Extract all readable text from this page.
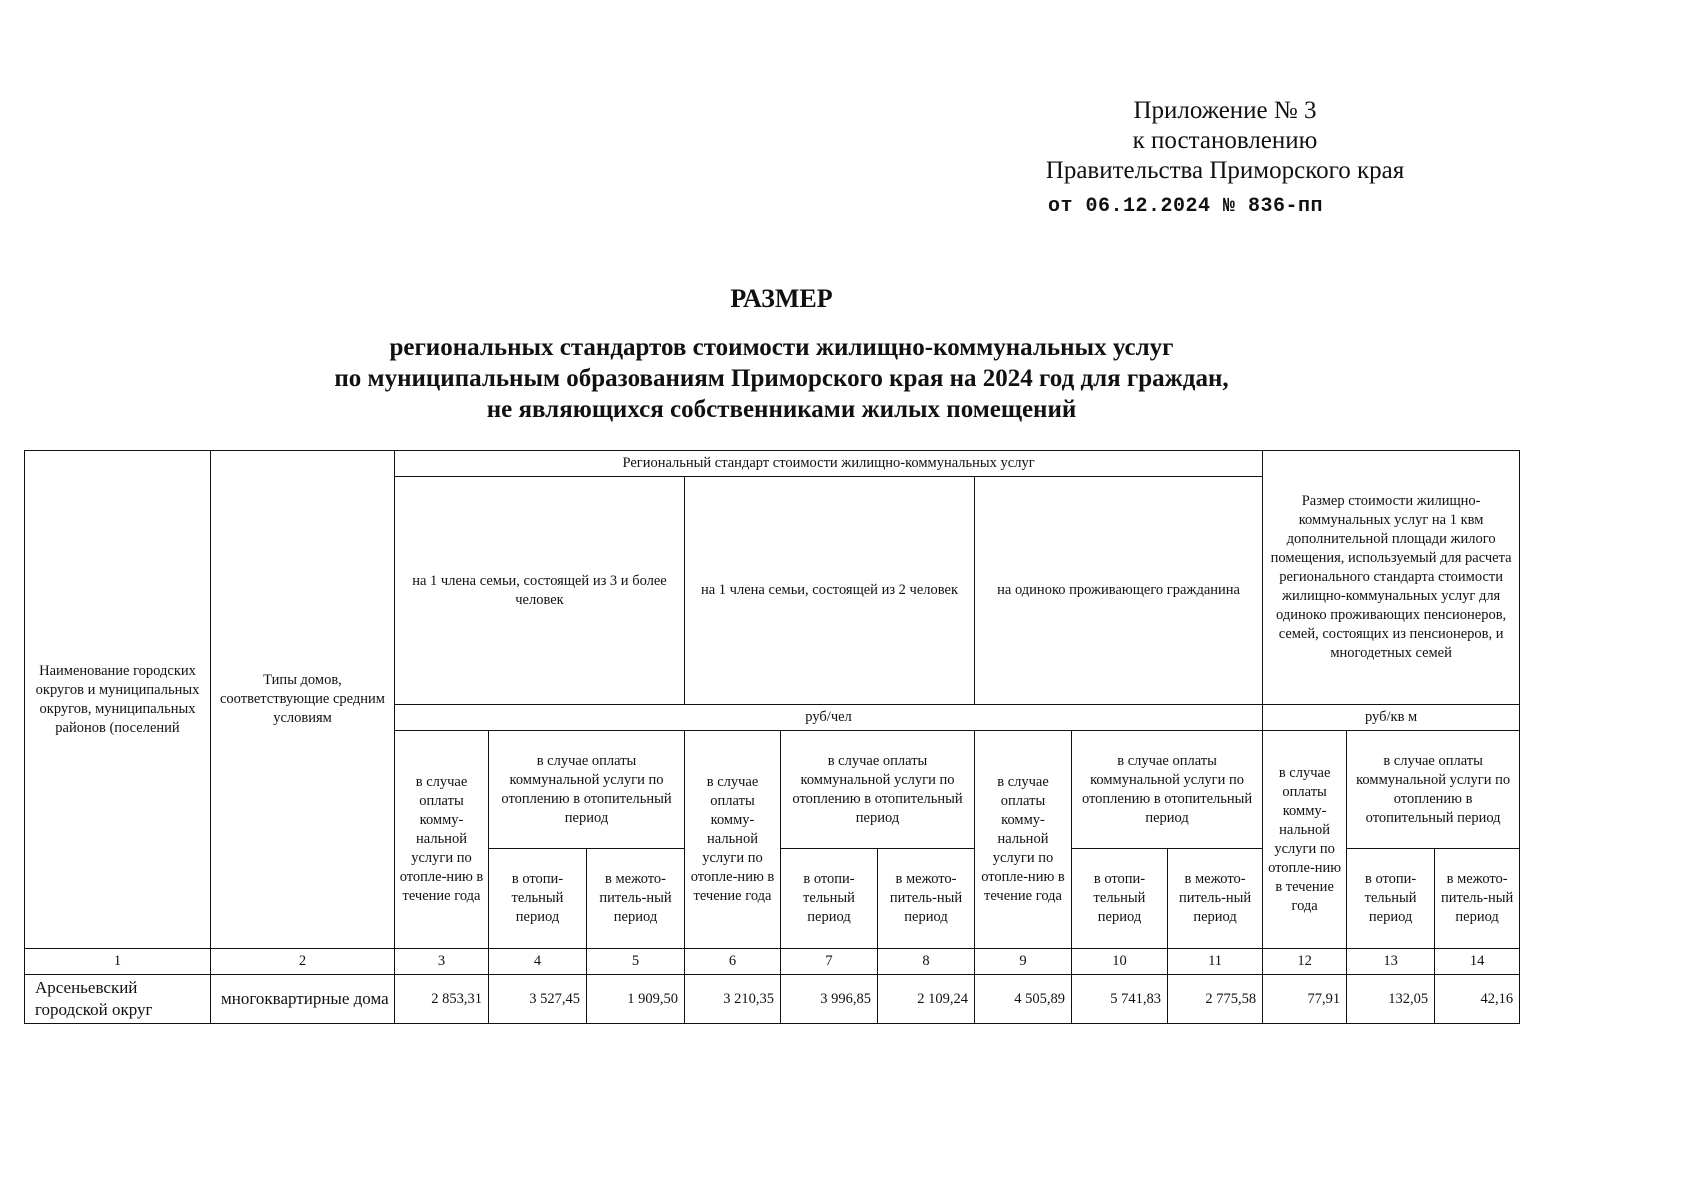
Приложение № 3
к постановлению
Правительства Приморского края
от 06.12.2024 № 836-пп
РАЗМЕР
региональных стандартов стоимости жилищно-коммунальных услуг
по муниципальным образованиям Приморского края на 2024 год для граждан,
не являющихся собственниками жилых помещений
Наименование городских округов и муниципальных округов, муниципальных районов (поселений	Типы домов, соответствующие средним условиям	Региональный стандарт стоимости жилищно-коммунальных услуг									Размер стоимости жилищно-коммунальных услуг на 1 квм дополнительной площади жилого помещения, используемый для расчета регионального стандарта стоимости жилищно-коммунальных услуг для одиноко проживающих пенсионеров, семей, состоящих из пенсионеров, и многодетных семей		
		на 1 члена семьи, состоящей из 3 и более человек			на 1 члена семьи, состоящей из 2 человек			на одиноко проживающего гражданина					
		руб/чел									руб/кв м		
		в случае оплаты комму-нальной услуги по отопле-нию в течение года	в случае оплаты коммунальной услуги по отоплению в отопительный период		в случае оплаты комму-нальной услуги по отопле-нию в течение года	в случае оплаты коммунальной услуги по отоплению в отопительный период		в случае оплаты комму-нальной услуги по отопле-нию в течение года	в случае оплаты коммунальной услуги по отоплению в отопительный период		в случае оплаты комму-нальной услуги по отопле-нию в течение года	в случае оплаты коммунальной услуги по отоплению в отопительный период	
			в отопи-тельный период	в межото-питель-ный период		в отопи-тельный период	в межото-питель-ный период		в отопи-тельный период	в межото-питель-ный период		в отопи-тельный период	в межото-питель-ный период
1	2	3	4	5	6	7	8	9	10	11	12	13	14
Арсеньевский городской округ	многоквартирные дома	2 853,31	3 527,45	1 909,50	3 210,35	3 996,85	2 109,24	4 505,89	5 741,83	2 775,58	77,91	132,05	42,16
